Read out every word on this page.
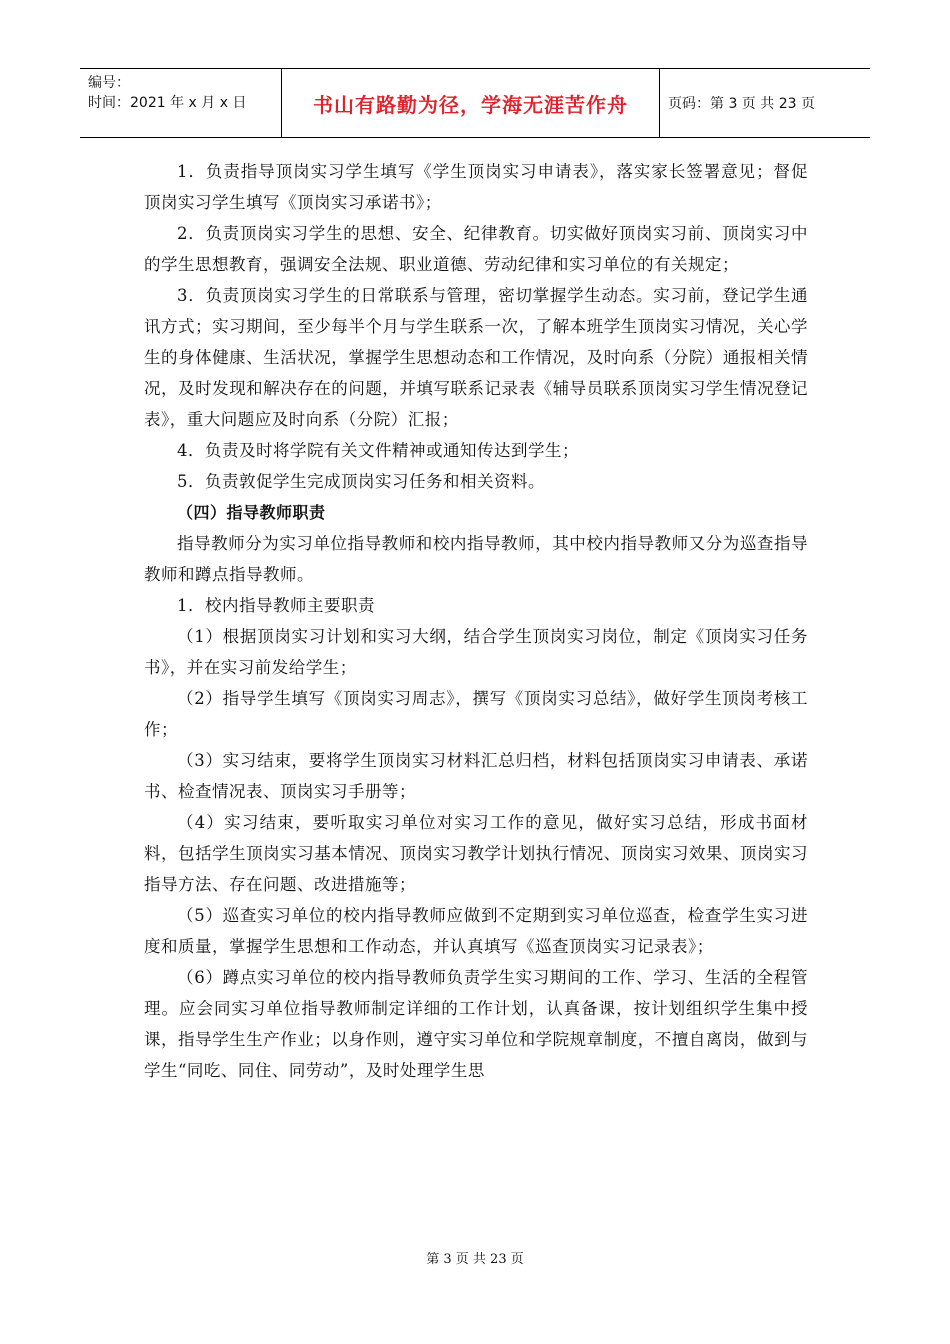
编号：
时间：2021 年 x 月 x 日	书山有路勤为径，学海无涯苦作舟	页码：第 3 页 共 23 页

1．负责指导顶岗实习学生填写《学生顶岗实习申请表》，落实家长签署意见；督促顶岗实习学生填写《顶岗实习承诺书》；

2．负责顶岗实习学生的思想、安全、纪律教育。切实做好顶岗实习前、顶岗实习中的学生思想教育，强调安全法规、职业道德、劳动纪律和实习单位的有关规定；

3．负责顶岗实习学生的日常联系与管理，密切掌握学生动态。实习前，登记学生通讯方式；实习期间，至少每半个月与学生联系一次，了解本班学生顶岗实习情况，关心学生的身体健康、生活状况，掌握学生思想动态和工作情况，及时向系（分院）通报相关情况，及时发现和解决存在的问题，并填写联系记录表《辅导员联系顶岗实习学生情况登记表》，重大问题应及时向系（分院）汇报；

4．负责及时将学院有关文件精神或通知传达到学生；

5．负责敦促学生完成顶岗实习任务和相关资料。

（四）指导教师职责

指导教师分为实习单位指导教师和校内指导教师，其中校内指导教师又分为巡查指导教师和蹲点指导教师。

1．校内指导教师主要职责

（1）根据顶岗实习计划和实习大纲，结合学生顶岗实习岗位，制定《顶岗实习任务书》，并在实习前发给学生；

（2）指导学生填写《顶岗实习周志》，撰写《顶岗实习总结》，做好学生顶岗考核工作；

（3）实习结束，要将学生顶岗实习材料汇总归档，材料包括顶岗实习申请表、承诺书、检查情况表、顶岗实习手册等；

（4）实习结束，要听取实习单位对实习工作的意见，做好实习总结，形成书面材料，包括学生顶岗实习基本情况、顶岗实习教学计划执行情况、顶岗实习效果、顶岗实习指导方法、存在问题、改进措施等；

（5）巡查实习单位的校内指导教师应做到不定期到实习单位巡查，检查学生实习进度和质量，掌握学生思想和工作动态，并认真填写《巡查顶岗实习记录表》；

（6）蹲点实习单位的校内指导教师负责学生实习期间的工作、学习、生活的全程管理。应会同实习单位指导教师制定详细的工作计划，认真备课，按计划组织学生集中授课，指导学生生产作业；以身作则，遵守实习单位和学院规章制度，不擅自离岗，做到与学生“同吃、同住、同劳动”，及时处理学生思

第 3 页 共 23 页
